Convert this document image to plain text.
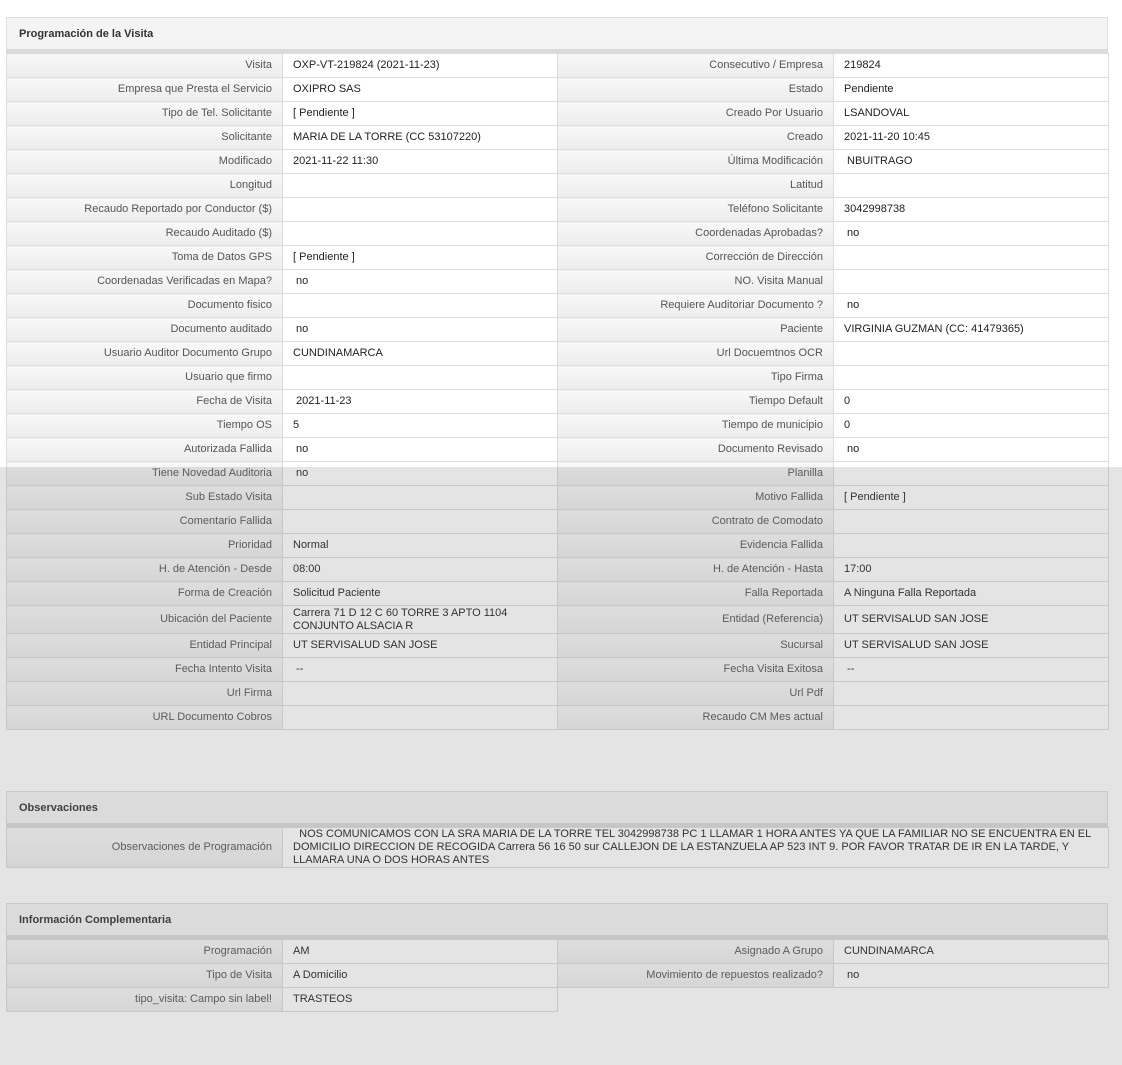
Programación de la Visita
Visita	OXP-VT-219824 (2021-11-23)	Consecutivo / Empresa	219824
Empresa que Presta el Servicio	OXIPRO SAS	Estado	Pendiente
Tipo de Tel. Solicitante	[ Pendiente ]	Creado Por Usuario	LSANDOVAL
Solicitante	MARIA DE LA TORRE (CC 53107220)	Creado	2021-11-20 10:45
Modificado	2021-11-22 11:30	Última Modificación	NBUITRAGO
Longitud		Latitud	
Recaudo Reportado por Conductor ($)		Teléfono Solicitante	3042998738
Recaudo Auditado ($)		Coordenadas Aprobadas?	no
Toma de Datos GPS	[ Pendiente ]	Corrección de Dirección	
Coordenadas Verificadas en Mapa?	no	NO. Visita Manual	
Documento fisico		Requiere Auditoriar Documento ?	no
Documento auditado	no	Paciente	VIRGINIA GUZMAN (CC: 41479365)
Usuario Auditor Documento Grupo	CUNDINAMARCA	Url Docuemtnos OCR	
Usuario que firmo		Tipo Firma	
Fecha de Visita	2021-11-23	Tiempo Default	0
Tiempo OS	5	Tiempo de municipio	0
Autorizada Fallida	no	Documento Revisado	no
Tiene Novedad Auditoria	no	Planilla	
Sub Estado Visita		Motivo Fallida	[ Pendiente ]
Comentario Fallida		Contrato de Comodato	
Prioridad	Normal	Evidencia Fallida	
H. de Atención - Desde	08:00	H. de Atención - Hasta	17:00
Forma de Creación	Solicitud Paciente	Falla Reportada	A Ninguna Falla Reportada
Ubicación del Paciente	Carrera 71 D 12 C 60 TORRE 3 APTO 1104 CONJUNTO ALSACIA R	Entidad (Referencia)	UT SERVISALUD SAN JOSE
Entidad Principal	UT SERVISALUD SAN JOSE	Sucursal	UT SERVISALUD SAN JOSE
Fecha Intento Visita	--	Fecha Visita Exitosa	--
Url Firma		Url Pdf	
URL Documento Cobros		Recaudo CM Mes actual	
Observaciones
Observaciones de Programación	NOS COMUNICAMOS CON LA SRA MARIA DE LA TORRE TEL 3042998738 PC 1 LLAMAR 1 HORA ANTES YA QUE LA FAMILIAR NO SE ENCUENTRA EN EL DOMICILIO DIRECCION DE RECOGIDA Carrera 56 16 50 sur CALLEJON DE LA ESTANZUELA AP 523 INT 9. POR FAVOR TRATAR DE IR EN LA TARDE, Y LLAMARA UNA O DOS HORAS ANTES
Información Complementaria
Programación	AM	Asignado A Grupo	CUNDINAMARCA
Tipo de Visita	A Domicilio	Movimiento de repuestos realizado?	no
tipo_visita: Campo sin label!	TRASTEOS		
